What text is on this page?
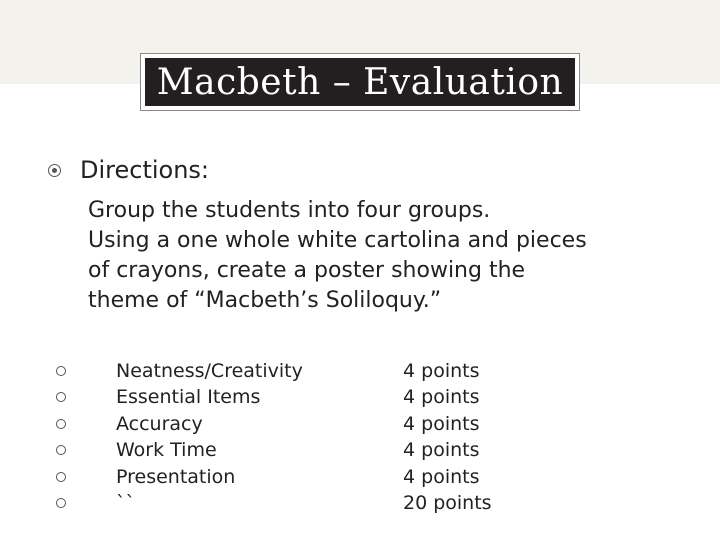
Macbeth – Evaluation
Directions:
Group the students into four groups.
Using a one whole white cartolina and pieces
of crayons, create a poster showing the
theme of “Macbeth’s Soliloquy.”
Neatness/Creativity	4 points
Essential Items	4 points
Accuracy	4 points
Work Time	4 points
Presentation	4 points
``	20 points
